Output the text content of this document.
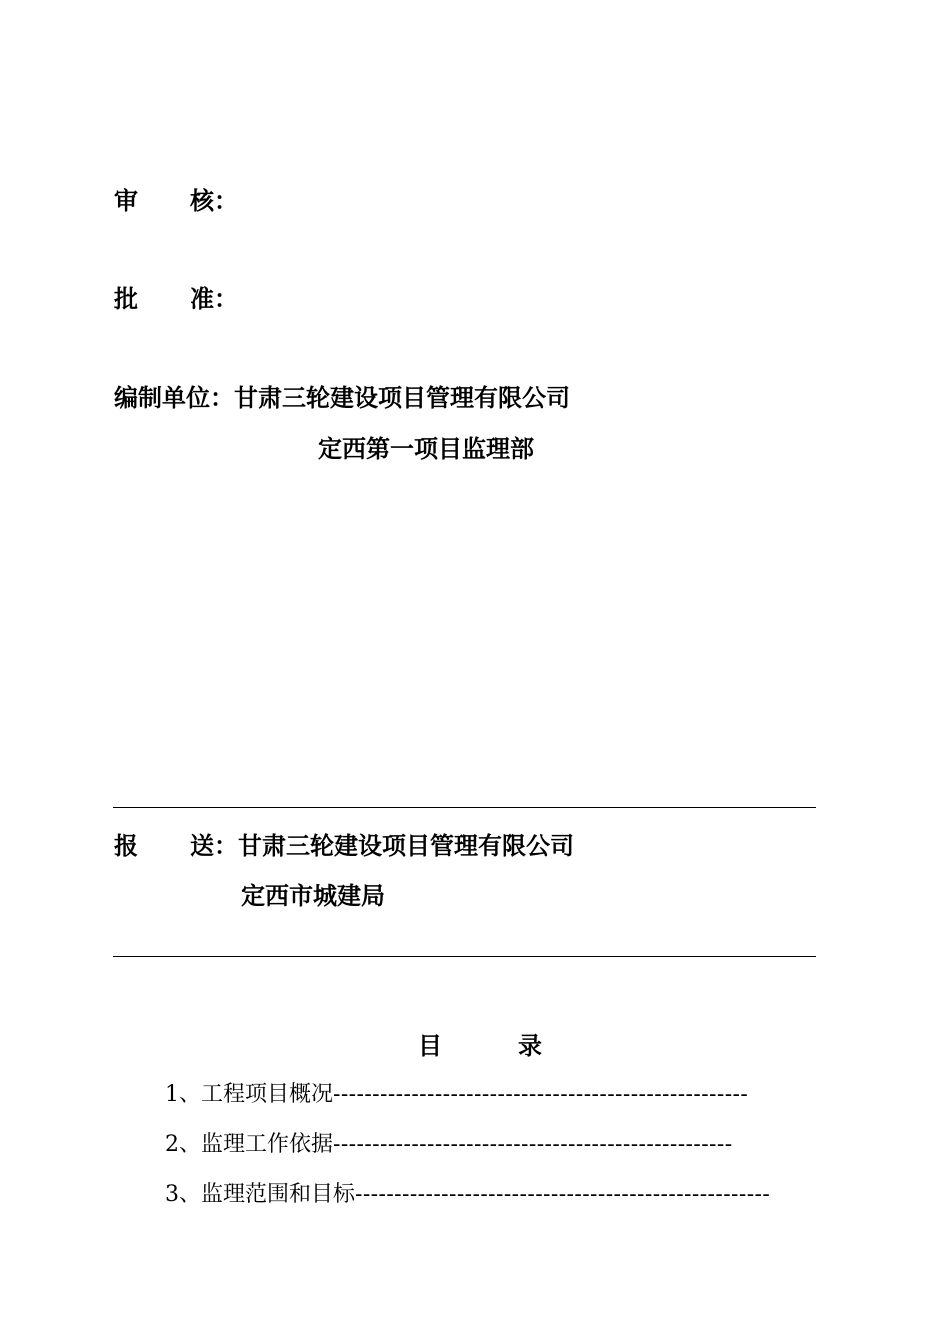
审 核：
批 准：
编制单位：甘肃三轮建设项目管理有限公司
定西第一项目监理部
报 送：甘肃三轮建设项目管理有限公司
定西市城建局
目	录
1、工程项目概况-----------------------------------------------------
2、监理工作依据---------------------------------------------------
3、监理范围和目标-----------------------------------------------------
